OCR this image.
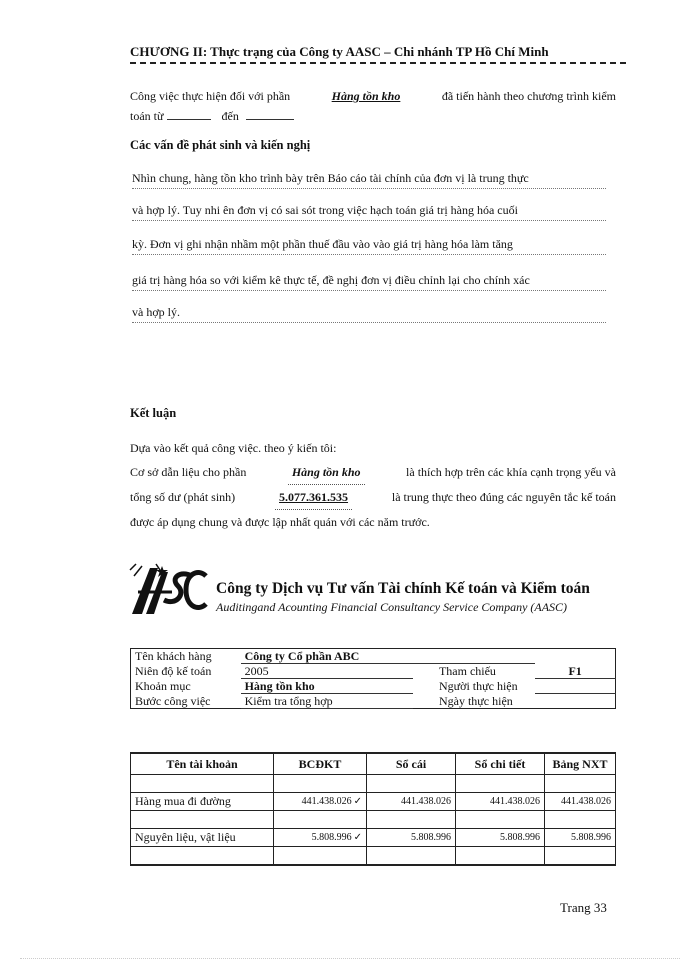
CHƯƠNG II: Thực trạng của Công ty AASC – Chi nhánh TP Hồ Chí Minh
Công việc thực hiện đối với phần	Hàng tồn kho	đã tiến hành theo chương trình kiểm
toán từ	đến
Các vấn đề phát sinh và kiến nghị
Nhìn chung, hàng tồn kho trình bày trên Báo cáo tài chính của đơn vị là trung thực
và hợp lý. Tuy nhi ên đơn vị có sai sót trong việc hạch toán giá trị hàng hóa cuối
kỳ. Đơn vị ghi nhận nhầm một phần thuế đầu vào vào giá trị hàng hóa làm tăng
giá trị hàng hóa so với kiểm kê thực tế, đề nghị đơn vị điều chỉnh lại cho chính xác
và hợp lý.
Kết luận
Dựa vào kết quả công việc. theo ý kiến tôi:
Cơ sở dẫn liệu cho phần	Hàng tồn kho	là thích hợp trên các khía cạnh trọng yếu và
tổng số dư (phát sinh)	5.077.361.535	là trung thực theo đúng các nguyên tắc kế toán
được áp dụng chung và được lập nhất quán với các năm trước.
Công ty Dịch vụ Tư vấn Tài chính Kế toán và Kiểm toán
Auditingand Acounting Financial Consultancy Service Company (AASC)
Tên khách hàng	Công ty Cổ phần ABC			
Niên độ kế toán	2005		Tham chiếu	F1
Khoản mục	Hàng tồn kho		Người thực hiện	
Bước công việc	Kiểm tra tổng hợp		Ngày thực hiện	
Tên tài khoản	BCĐKT	Sổ cái	Sổ chi tiết	Bảng NXT

Hàng mua đi đường	441.438.026 ✓	441.438.026	441.438.026	441.438.026

Nguyên liệu, vật liệu	5.808.996 ✓	5.808.996	5.808.996	5.808.996

Trang 33
